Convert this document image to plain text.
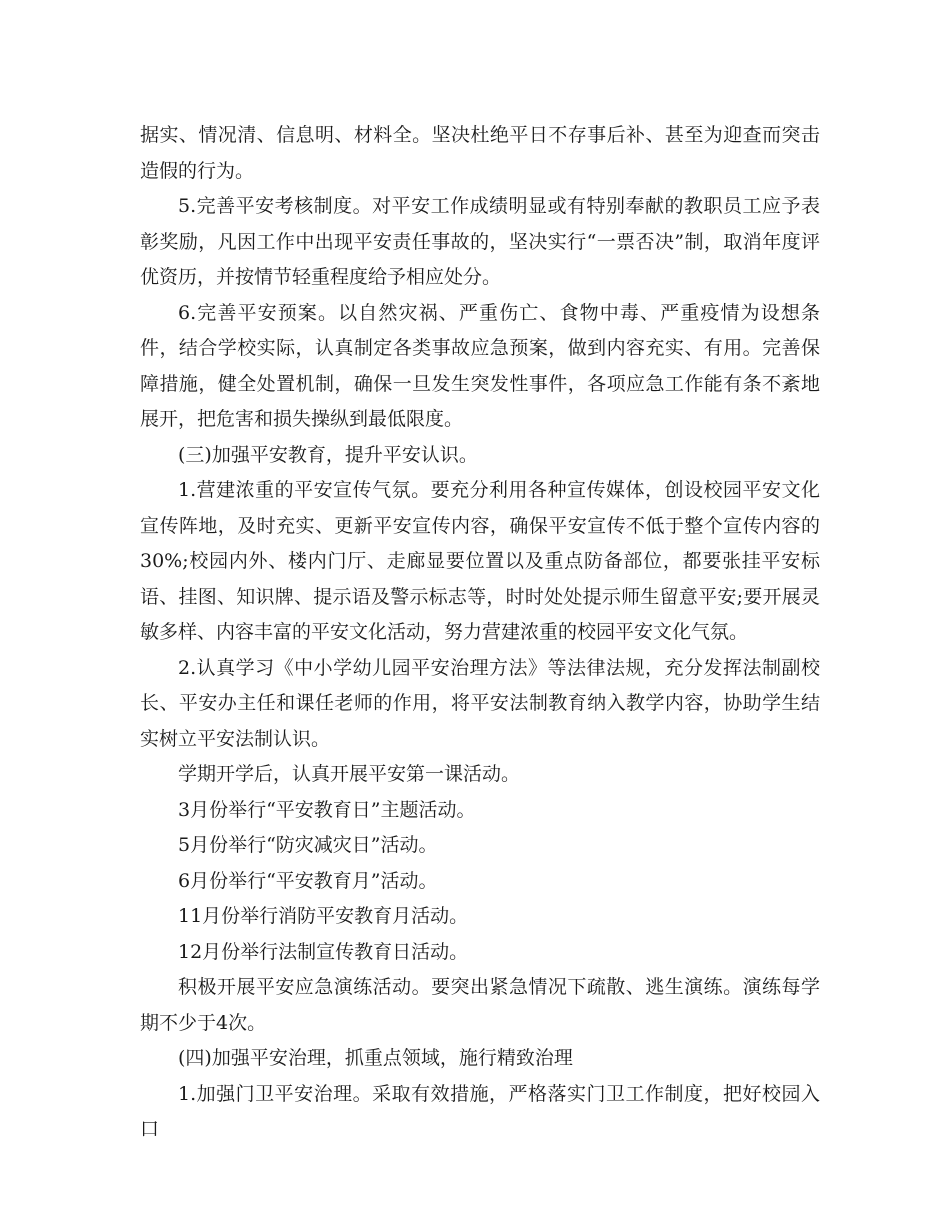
据实、情况清、信息明、材料全。坚决杜绝平日不存事后补、甚至为迎查而突击造假的行为。

5.完善平安考核制度。对平安工作成绩明显或有特别奉献的教职员工应予表彰奖励，凡因工作中出现平安责任事故的，坚决实行“一票否决”制，取消年度评优资历，并按情节轻重程度给予相应处分。

6.完善平安预案。以自然灾祸、严重伤亡、食物中毒、严重疫情为设想条件，结合学校实际，认真制定各类事故应急预案，做到内容充实、有用。完善保障措施，健全处置机制，确保一旦发生突发性事件，各项应急工作能有条不紊地展开，把危害和损失操纵到最低限度。

(三)加强平安教育，提升平安认识。

1.营建浓重的平安宣传气氛。要充分利用各种宣传媒体，创设校园平安文化宣传阵地，及时充实、更新平安宣传内容，确保平安宣传不低于整个宣传内容的30%;校园内外、楼内门厅、走廊显要位置以及重点防备部位，都要张挂平安标语、挂图、知识牌、提示语及警示标志等，时时处处提示师生留意平安;要开展灵敏多样、内容丰富的平安文化活动，努力营建浓重的校园平安文化气氛。

2.认真学习《中小学幼儿园平安治理方法》等法律法规，充分发挥法制副校长、平安办主任和课任老师的作用，将平安法制教育纳入教学内容，协助学生结实树立平安法制认识。

学期开学后，认真开展平安第一课活动。

3月份举行“平安教育日”主题活动。

5月份举行“防灾减灾日”活动。

6月份举行“平安教育月”活动。

11月份举行消防平安教育月活动。

12月份举行法制宣传教育日活动。

积极开展平安应急演练活动。要突出紧急情况下疏散、逃生演练。演练每学期不少于4次。

(四)加强平安治理，抓重点领域，施行精致治理

1.加强门卫平安治理。采取有效措施，严格落实门卫工作制度，把好校园入口
